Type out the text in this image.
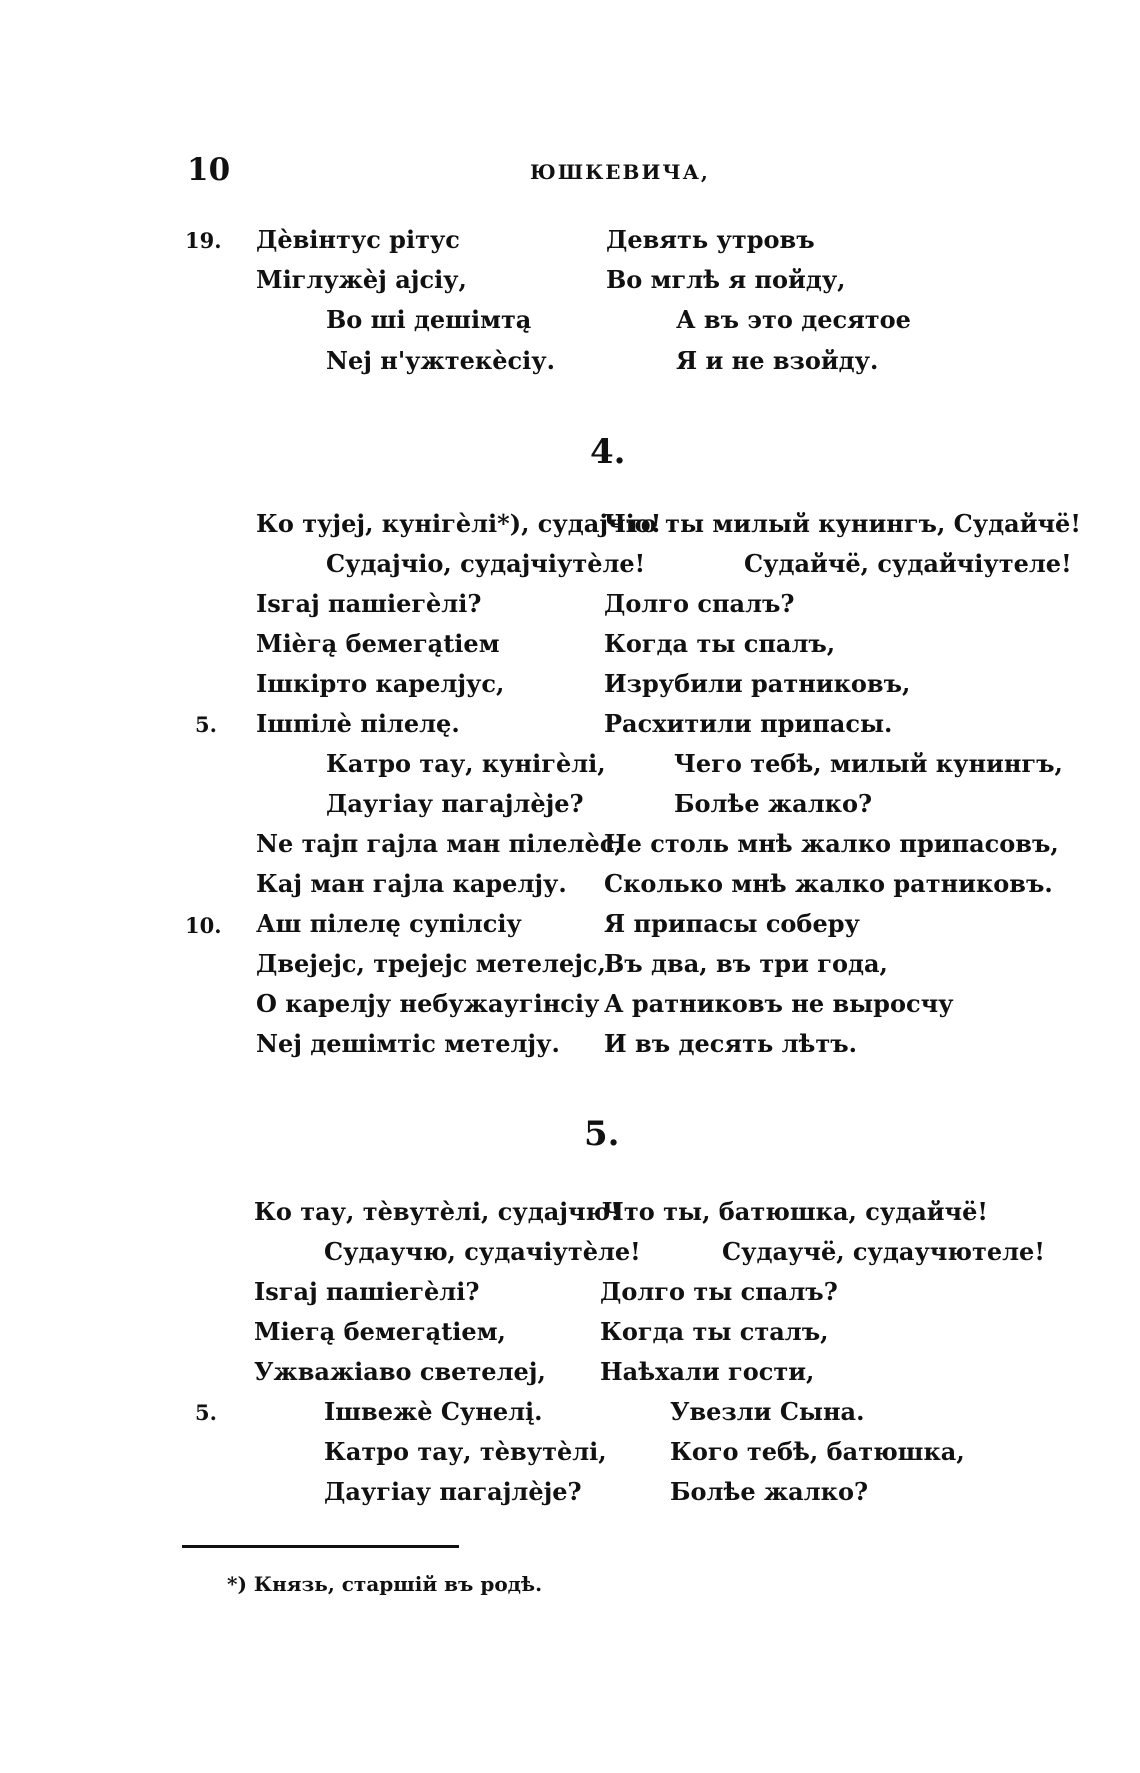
10	ЮШКЕВИЧА,
19. Дѐвінтус рітус
Міглужѐј ајсіу,
Во ші дешімтą
Nеј н'ужтекѐсіу.
Девять утровъ
Во мглѣ я пойду,
А въ это десятое
Я и не взойду.
4.
Ко тујеј, кунігѐлі*), судајчіо!
Судајчіо, судајчіутѐле!
Іѕгај пашіегѐлі?
Міѐгą бемегątіем
Ішкірто карелјус,
5. Ішпілѐ пілелę.
Катро тау, кунігѐлі,
Даугіау пагајлѐје?
Nе тајп гајла ман пілелѐс,
Кај ман гајла карелју.
10. Аш пілелę супілсіу
Двејејс, трејејс метелејс,
О карелју небужаугінсіу
Nеј дешімтіс метелју.
Что ты милый кунингъ, Судайчё!
Судайчё, судайчіутеле!
Долго спалъ?
Когда ты спалъ,
Изрубили ратниковъ,
Расхитили припасы.
Чего тебѣ, милый кунингъ,
Болѣе жалко?
Не столь мнѣ жалко припасовъ,
Сколько мнѣ жалко ратниковъ.
Я припасы соберу
Въ два, въ три года,
А ратниковъ не выросчу
И въ десять лѣтъ.
5.
Ко тау, тѐвутѐлі, судајчю!
Судаучю, судачіутѐле!
Іѕгај пашіегѐлі?
Міегą бемегątіем,
Ужважіаво светелеј,
5.	Ішвежѐ Сунелį.
Катро тау, тѐвутѐлі,
Даугіау пагајлѐје?
Что ты, батюшка, судайчё!
Судаучё, судаучютеле!
Долго ты спалъ?
Когда ты сталъ,
Наѣхали гости,
Увезли Сына.
Кого тебѣ, батюшка,
Болѣе жалко?
*) Князь, старшій въ родѣ.
